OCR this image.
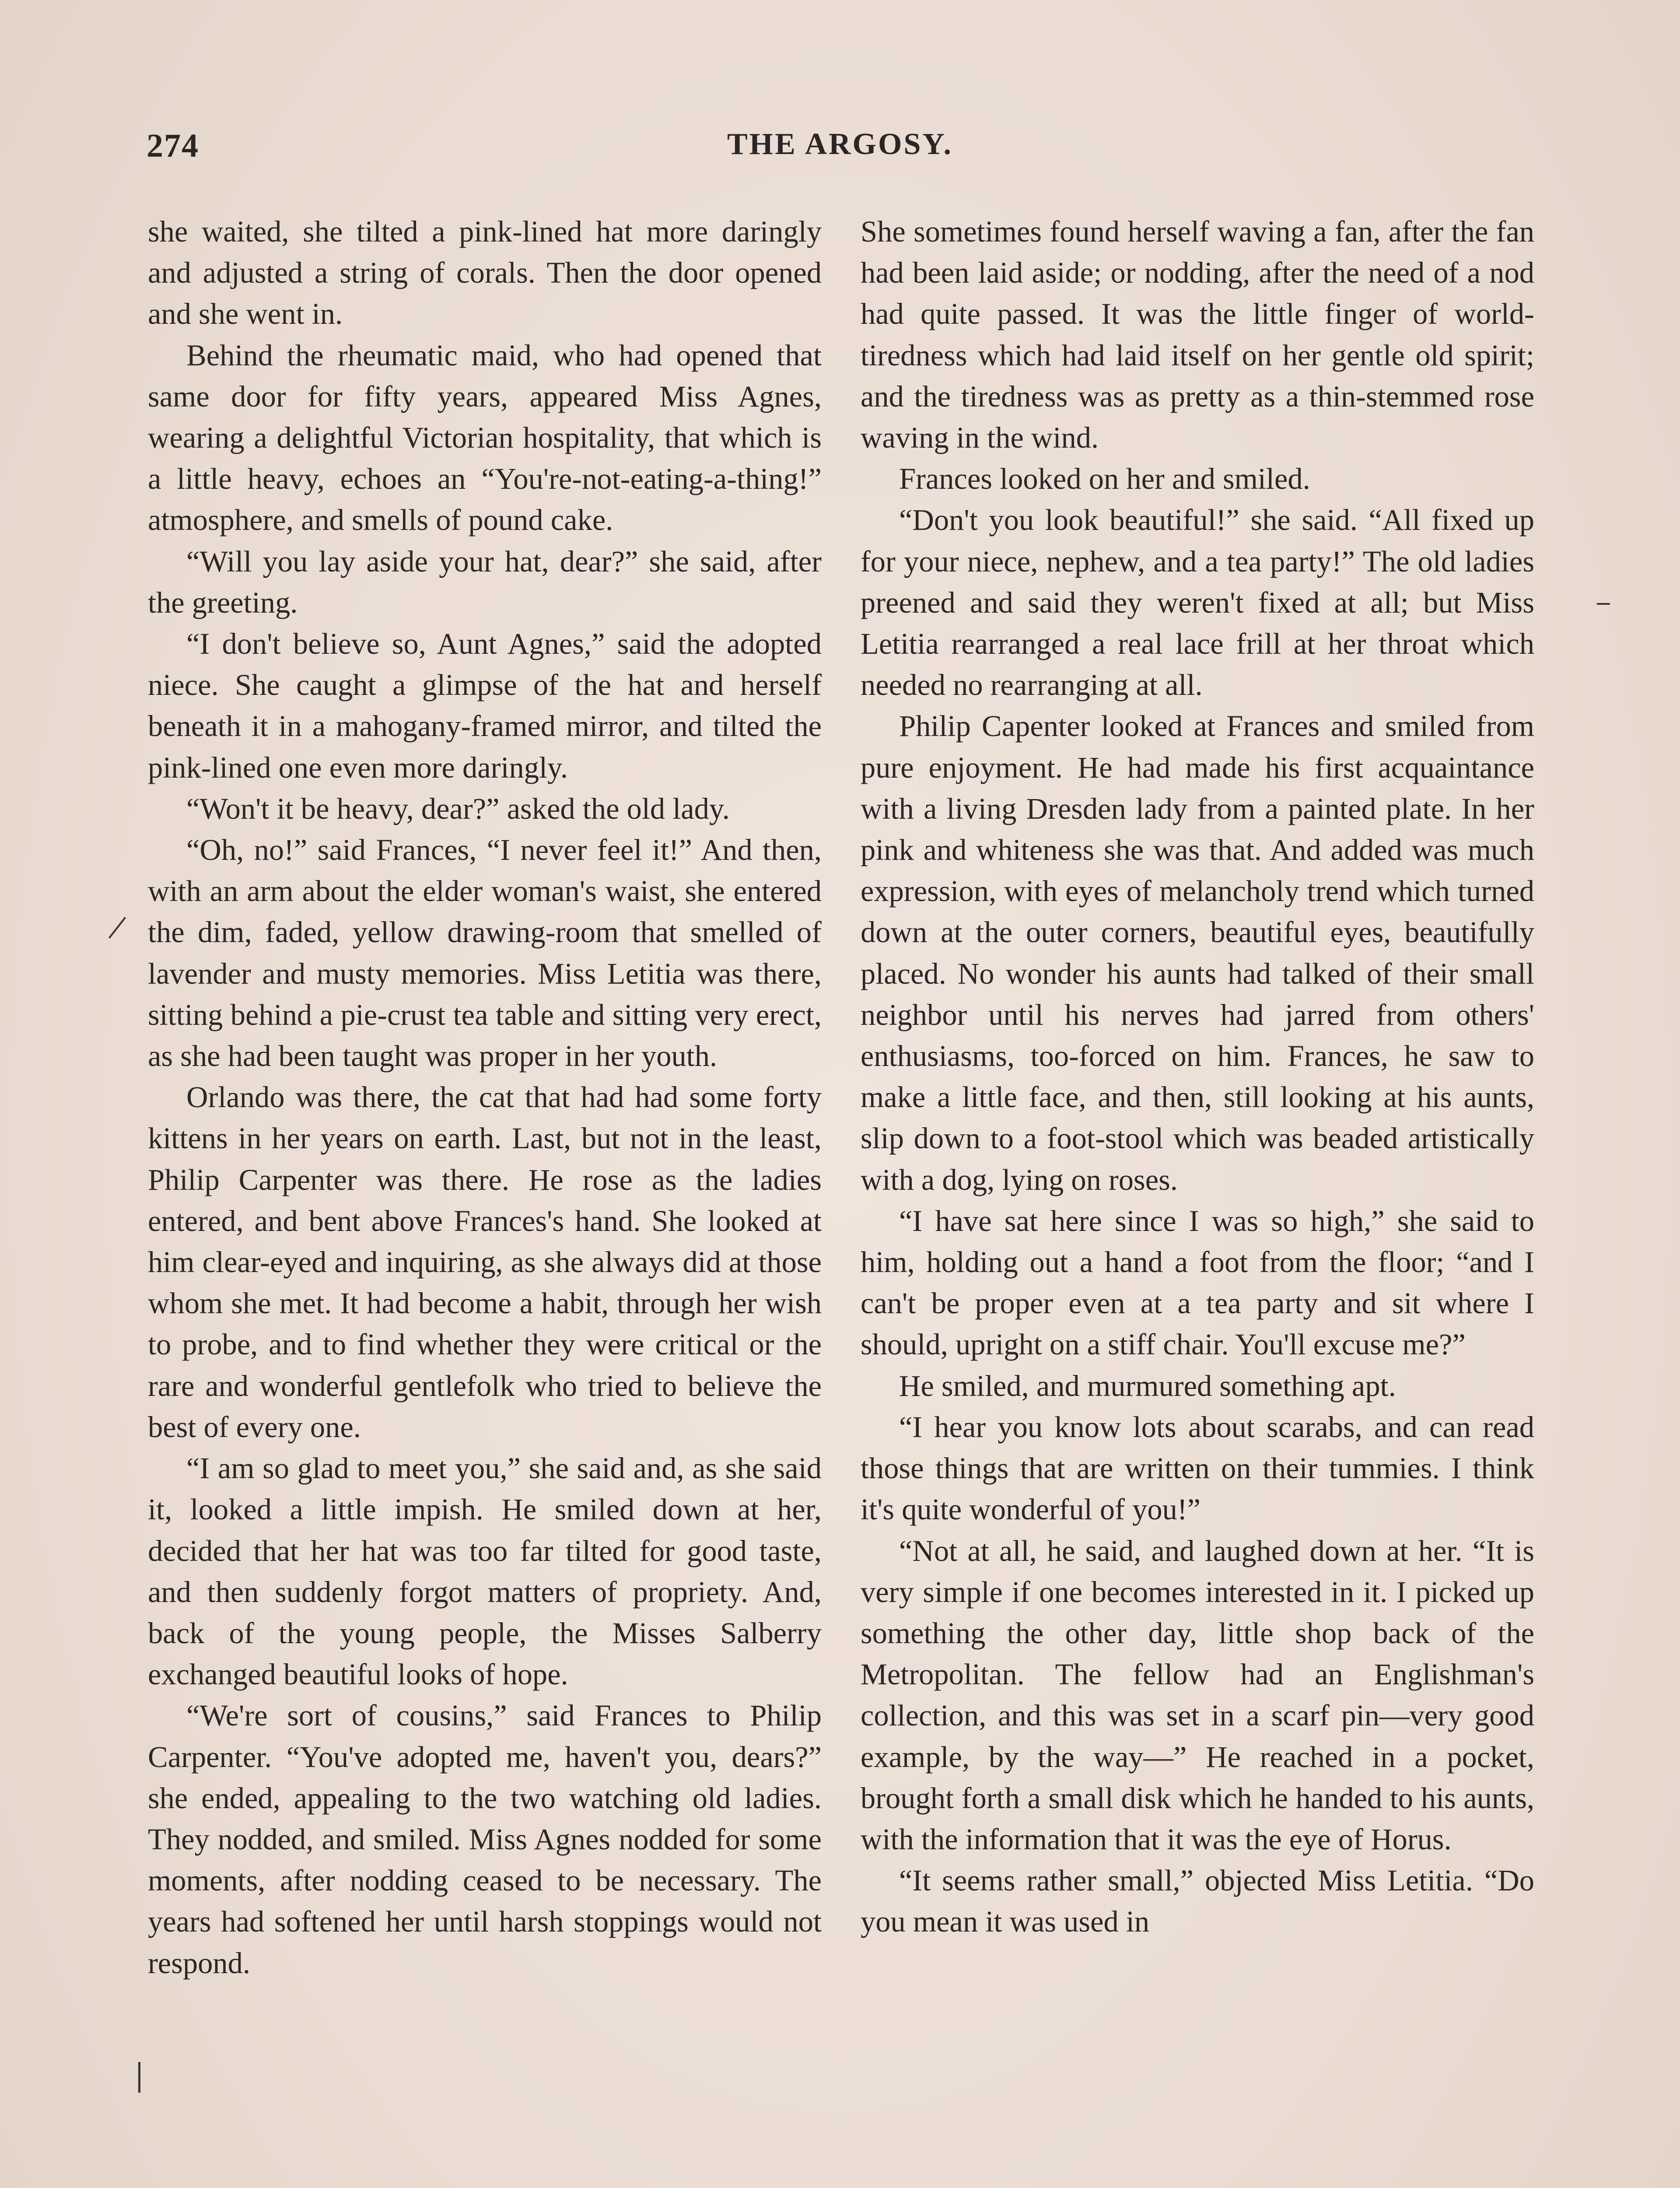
274	THE ARGOSY.

she waited, she tilted a pink-lined hat more daringly and adjusted a string of corals. Then the door opened and she went in.

Behind the rheumatic maid, who had opened that same door for fifty years, appeared Miss Agnes, wearing a delightful Victorian hospitality, that which is a little heavy, echoes an “You're-not-eating-a-thing!” atmosphere, and smells of pound cake.

“Will you lay aside your hat, dear?” she said, after the greeting.

“I don't believe so, Aunt Agnes,” said the adopted niece. She caught a glimpse of the hat and herself beneath it in a mahogany-framed mirror, and tilted the pink-lined one even more daringly.

“Won't it be heavy, dear?” asked the old lady.

“Oh, no!” said Frances, “I never feel it!” And then, with an arm about the elder woman's waist, she entered the dim, faded, yellow drawing-room that smelled of lavender and musty memories. Miss Letitia was there, sitting behind a pie-crust tea table and sitting very erect, as she had been taught was proper in her youth.

Orlando was there, the cat that had had some forty kittens in her years on earth. Last, but not in the least, Philip Carpenter was there. He rose as the ladies entered, and bent above Frances's hand. She looked at him clear-eyed and inquiring, as she always did at those whom she met. It had become a habit, through her wish to probe, and to find whether they were critical or the rare and wonderful gentlefolk who tried to believe the best of every one.

“I am so glad to meet you,” she said and, as she said it, looked a little impish. He smiled down at her, decided that her hat was too far tilted for good taste, and then suddenly forgot matters of propriety. And, back of the young people, the Misses Salberry exchanged beautiful looks of hope.

“We're sort of cousins,” said Frances to Philip Carpenter. “You've adopted me, haven't you, dears?” she ended, appealing to the two watching old ladies. They nodded, and smiled. Miss Agnes nodded for some moments, after nodding ceased to be necessary. The years had softened her until harsh stoppings would not respond.

She sometimes found herself waving a fan, after the fan had been laid aside; or nodding, after the need of a nod had quite passed. It was the little finger of world-tiredness which had laid itself on her gentle old spirit; and the tiredness was as pretty as a thin-stemmed rose waving in the wind.

Frances looked on her and smiled.

“Don't you look beautiful!” she said. “All fixed up for your niece, nephew, and a tea party!” The old ladies preened and said they weren't fixed at all; but Miss Letitia rearranged a real lace frill at her throat which needed no rearranging at all.

Philip Capenter looked at Frances and smiled from pure enjoyment. He had made his first acquaintance with a living Dresden lady from a painted plate. In her pink and whiteness she was that. And added was much expression, with eyes of melancholy trend which turned down at the outer corners, beautiful eyes, beautifully placed. No wonder his aunts had talked of their small neighbor until his nerves had jarred from others' enthusiasms, too-forced on him. Frances, he saw to make a little face, and then, still looking at his aunts, slip down to a foot-stool which was beaded artistically with a dog, lying on roses.

“I have sat here since I was so high,” she said to him, holding out a hand a foot from the floor; “and I can't be proper even at a tea party and sit where I should, upright on a stiff chair. You'll excuse me?”

He smiled, and murmured something apt.

“I hear you know lots about scarabs, and can read those things that are written on their tummies. I think it's quite wonderful of you!”

“Not at all, he said, and laughed down at her. “It is very simple if one becomes interested in it. I picked up something the other day, little shop back of the Metropolitan. The fellow had an Englishman's collection, and this was set in a scarf pin—very good example, by the way—” He reached in a pocket, brought forth a small disk which he handed to his aunts, with the information that it was the eye of Horus.

“It seems rather small,” objected Miss Letitia. “Do you mean it was used in
